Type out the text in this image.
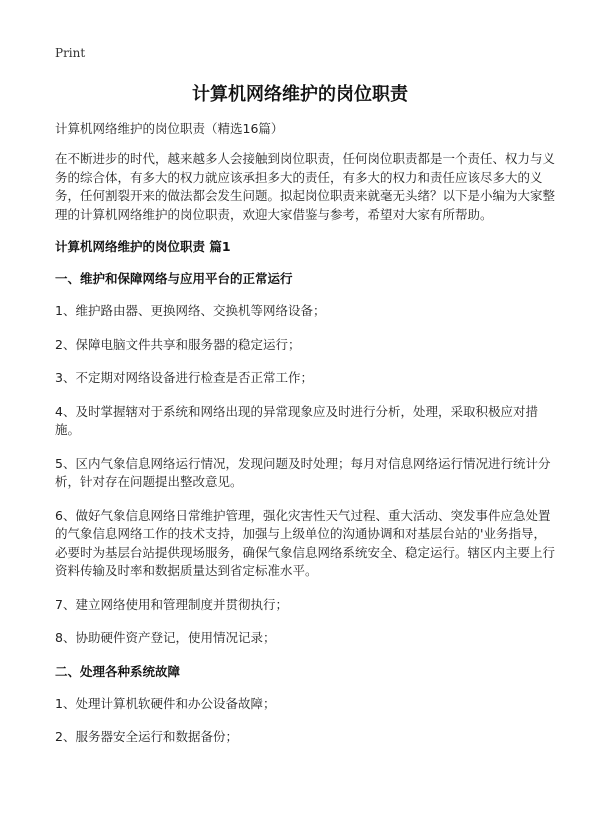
Print
计算机网络维护的岗位职责

计算机网络维护的岗位职责（精选16篇）

在不断进步的时代，越来越多人会接触到岗位职责，任何岗位职责都是一个责任、权力与义务的综合体，有多大的权力就应该承担多大的责任，有多大的权力和责任应该尽多大的义务，任何割裂开来的做法都会发生问题。拟起岗位职责来就毫无头绪？以下是小编为大家整理的计算机网络维护的岗位职责，欢迎大家借鉴与参考，希望对大家有所帮助。

计算机网络维护的岗位职责 篇1

一、维护和保障网络与应用平台的正常运行

1、维护路由器、更换网络、交换机等网络设备；

2、保障电脑文件共享和服务器的稳定运行；

3、不定期对网络设备进行检查是否正常工作；

4、及时掌握辖对于系统和网络出现的异常现象应及时进行分析，处理，采取积极应对措施。

5、区内气象信息网络运行情况，发现问题及时处理；每月对信息网络运行情况进行统计分析，针对存在问题提出整改意见。

6、做好气象信息网络日常维护管理，强化灾害性天气过程、重大活动、突发事件应急处置的气象信息网络工作的技术支持，加强与上级单位的沟通协调和对基层台站的'业务指导，必要时为基层台站提供现场服务，确保气象信息网络系统安全、稳定运行。辖区内主要上行资料传输及时率和数据质量达到省定标准水平。

7、建立网络使用和管理制度并贯彻执行；

8、协助硬件资产登记，使用情况记录；

二、处理各种系统故障

1、处理计算机软硬件和办公设备故障；

2、服务器安全运行和数据备份；
